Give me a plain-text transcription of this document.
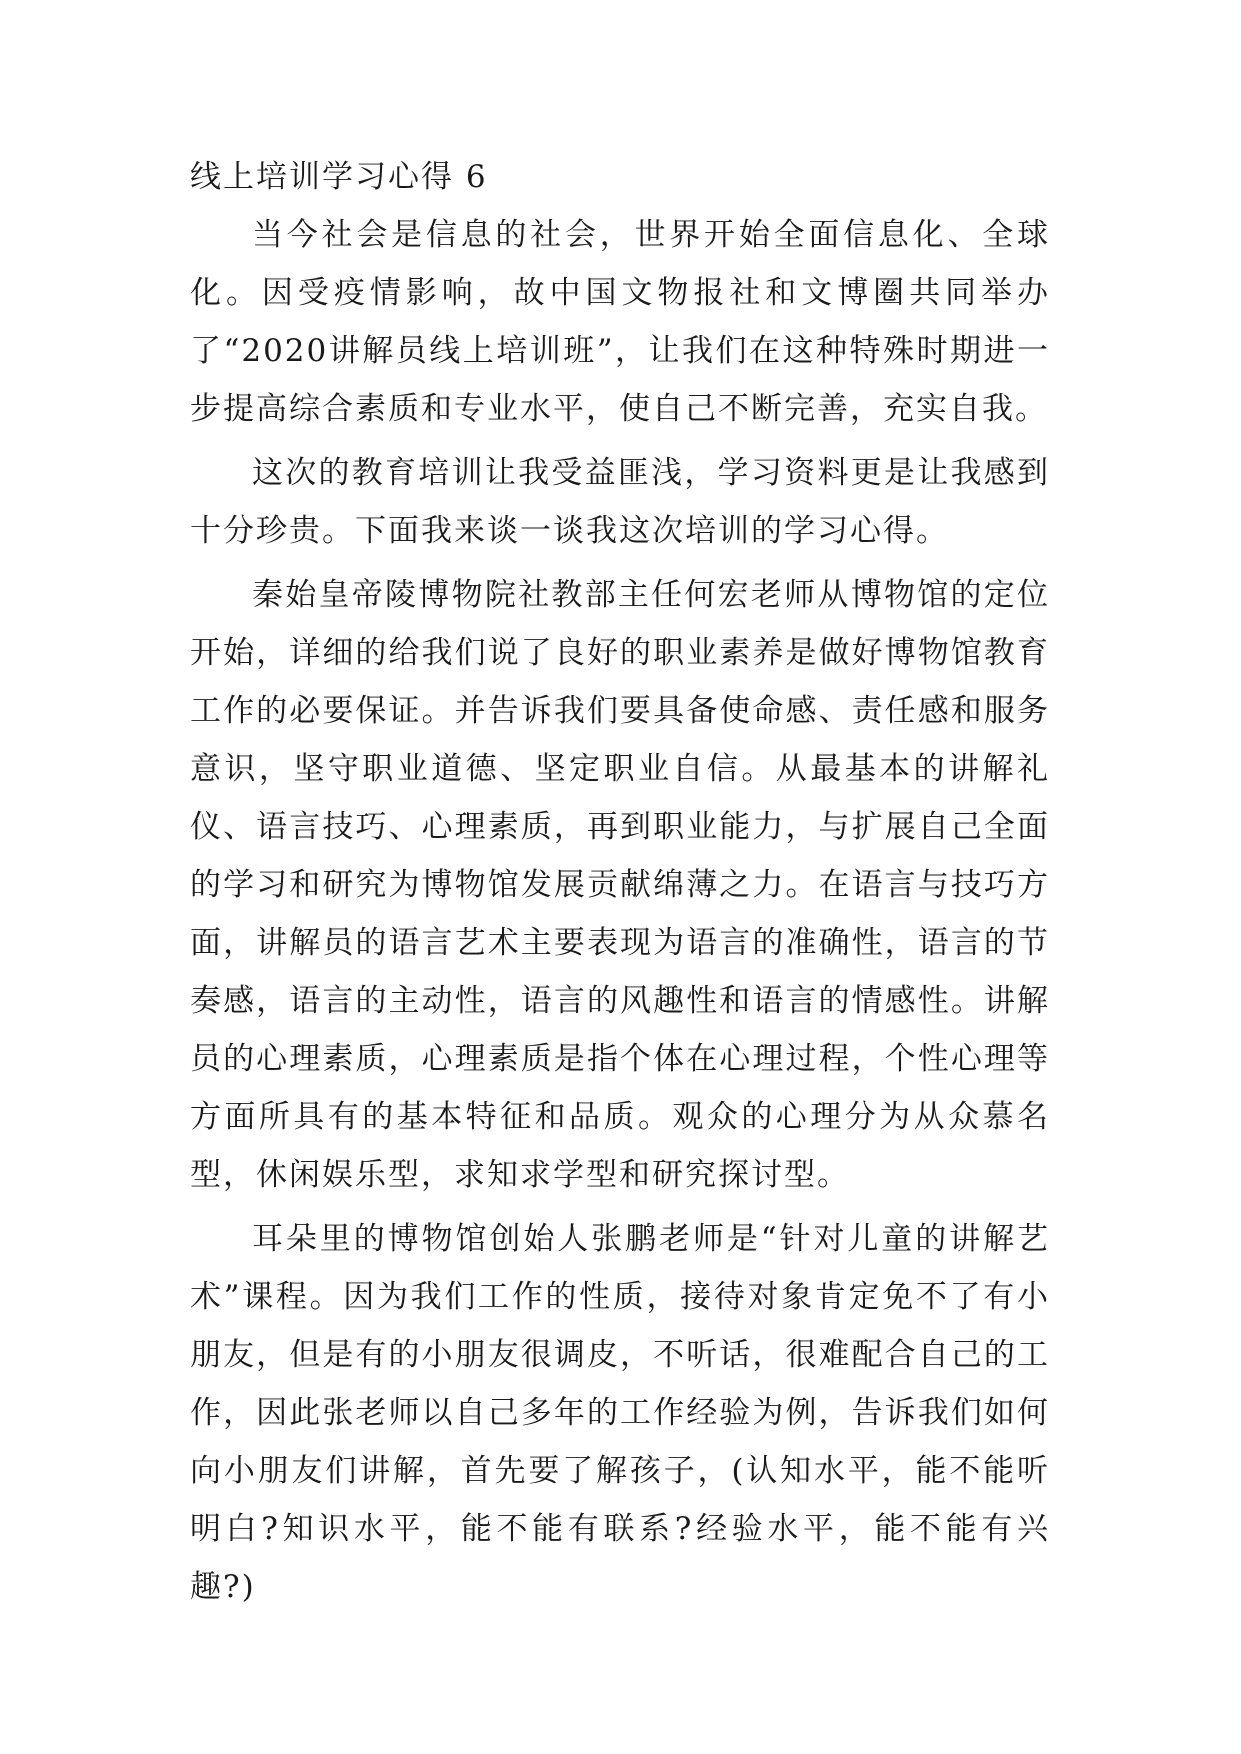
线上培训学习心得 6

当今社会是信息的社会，世界开始全面信息化、全球化。因受疫情影响，故中国文物报社和文博圈共同举办了“2020讲解员线上培训班”，让我们在这种特殊时期进一步提高综合素质和专业水平，使自己不断完善，充实自我。

这次的教育培训让我受益匪浅，学习资料更是让我感到十分珍贵。下面我来谈一谈我这次培训的学习心得。

秦始皇帝陵博物院社教部主任何宏老师从博物馆的定位开始，详细的给我们说了良好的职业素养是做好博物馆教育工作的必要保证。并告诉我们要具备使命感、责任感和服务意识，坚守职业道德、坚定职业自信。从最基本的讲解礼仪、语言技巧、心理素质，再到职业能力，与扩展自己全面的学习和研究为博物馆发展贡献绵薄之力。在语言与技巧方面，讲解员的语言艺术主要表现为语言的准确性，语言的节奏感，语言的主动性，语言的风趣性和语言的情感性。讲解员的心理素质，心理素质是指个体在心理过程，个性心理等方面所具有的基本特征和品质。观众的心理分为从众慕名型，休闲娱乐型，求知求学型和研究探讨型。

耳朵里的博物馆创始人张鹏老师是“针对儿童的讲解艺术”课程。因为我们工作的性质，接待对象肯定免不了有小朋友，但是有的小朋友很调皮，不听话，很难配合自己的工作，因此张老师以自己多年的工作经验为例，告诉我们如何向小朋友们讲解，首先要了解孩子，(认知水平，能不能听明白?知识水平，能不能有联系?经验水平，能不能有兴趣?)
